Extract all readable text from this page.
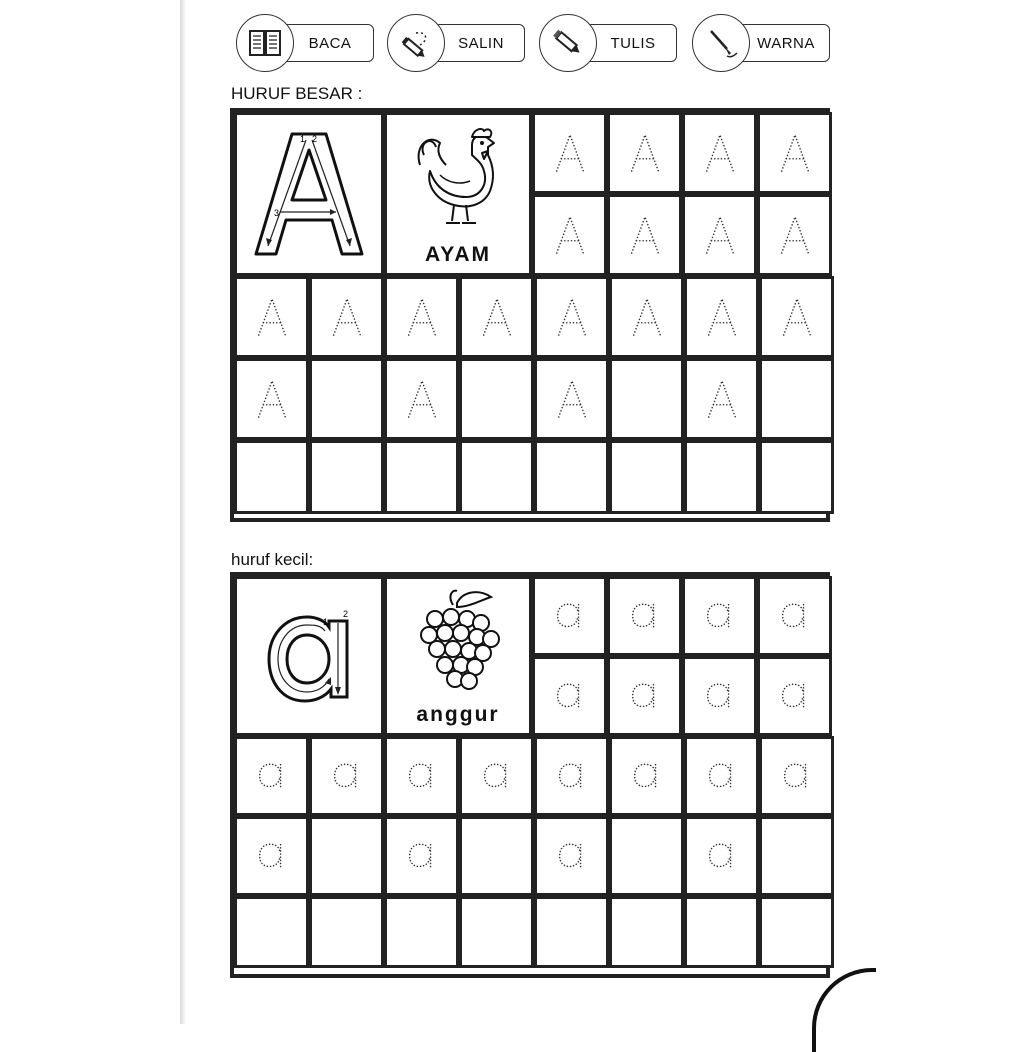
BACA	SALIN	TULIS	WARNA
HURUF BESAR :
1 2
3
AYAM
huruf kecil:
1
2
anggur
